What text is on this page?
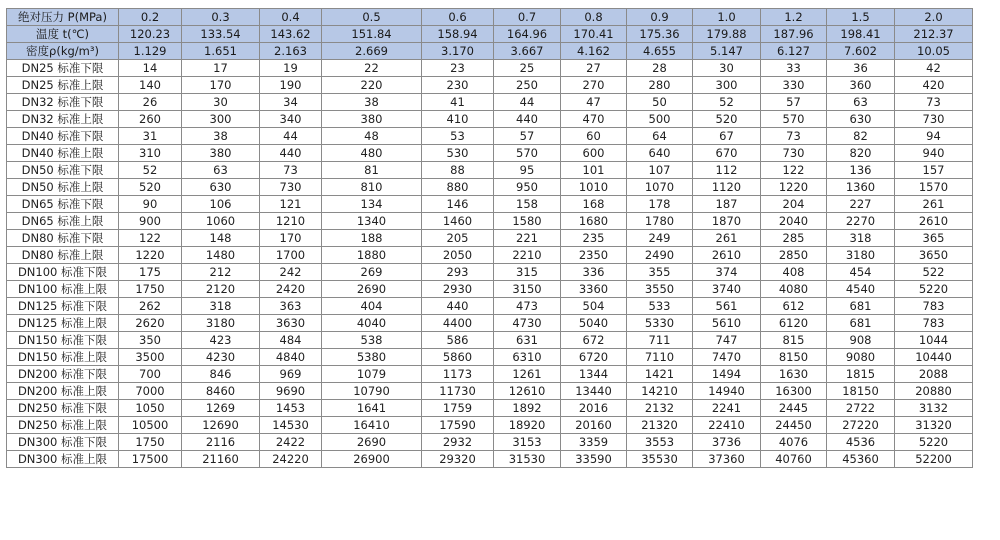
绝对压力 P(MPa)	0.2	0.3	0.4	0.5	0.6	0.7	0.8	0.9	1.0	1.2	1.5	2.0
温度 t(℃)	120.23	133.54	143.62	151.84	158.94	164.96	170.41	175.36	179.88	187.96	198.41	212.37
密度ρ(kg/m³)	1.129	1.651	2.163	2.669	3.170	3.667	4.162	4.655	5.147	6.127	7.602	10.05
DN25 标准下限	14	17	19	22	23	25	27	28	30	33	36	42
DN25 标准上限	140	170	190	220	230	250	270	280	300	330	360	420
DN32 标准下限	26	30	34	38	41	44	47	50	52	57	63	73
DN32 标准上限	260	300	340	380	410	440	470	500	520	570	630	730
DN40 标准下限	31	38	44	48	53	57	60	64	67	73	82	94
DN40 标准上限	310	380	440	480	530	570	600	640	670	730	820	940
DN50 标准下限	52	63	73	81	88	95	101	107	112	122	136	157
DN50 标准上限	520	630	730	810	880	950	1010	1070	1120	1220	1360	1570
DN65 标准下限	90	106	121	134	146	158	168	178	187	204	227	261
DN65 标准上限	900	1060	1210	1340	1460	1580	1680	1780	1870	2040	2270	2610
DN80 标准下限	122	148	170	188	205	221	235	249	261	285	318	365
DN80 标准上限	1220	1480	1700	1880	2050	2210	2350	2490	2610	2850	3180	3650
DN100 标准下限	175	212	242	269	293	315	336	355	374	408	454	522
DN100 标准上限	1750	2120	2420	2690	2930	3150	3360	3550	3740	4080	4540	5220
DN125 标准下限	262	318	363	404	440	473	504	533	561	612	681	783
DN125 标准上限	2620	3180	3630	4040	4400	4730	5040	5330	5610	6120	681	783
DN150 标准下限	350	423	484	538	586	631	672	711	747	815	908	1044
DN150 标准上限	3500	4230	4840	5380	5860	6310	6720	7110	7470	8150	9080	10440
DN200 标准下限	700	846	969	1079	1173	1261	1344	1421	1494	1630	1815	2088
DN200 标准上限	7000	8460	9690	10790	11730	12610	13440	14210	14940	16300	18150	20880
DN250 标准下限	1050	1269	1453	1641	1759	1892	2016	2132	2241	2445	2722	3132
DN250 标准上限	10500	12690	14530	16410	17590	18920	20160	21320	22410	24450	27220	31320
DN300 标准下限	1750	2116	2422	2690	2932	3153	3359	3553	3736	4076	4536	5220
DN300 标准上限	17500	21160	24220	26900	29320	31530	33590	35530	37360	40760	45360	52200
